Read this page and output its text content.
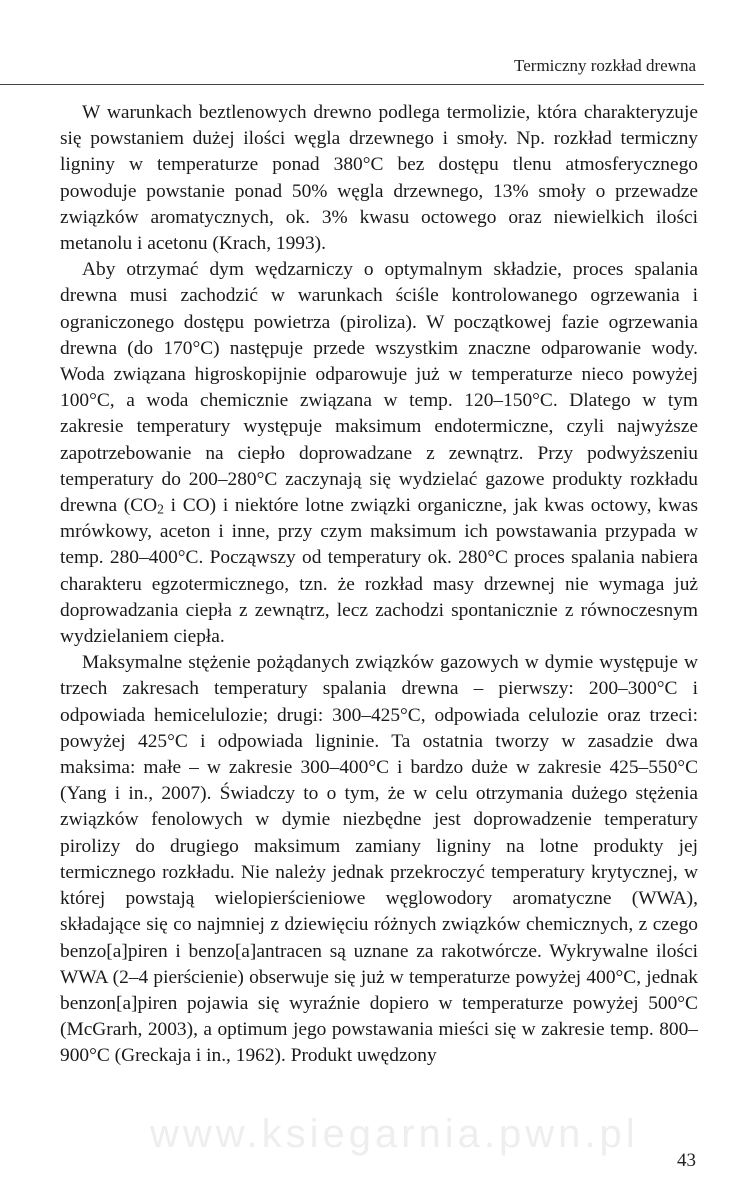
Termiczny rozkład drewna

W warunkach beztlenowych drewno podlega termolizie, która charakteryzuje się powstaniem dużej ilości węgla drzewnego i smoły. Np. rozkład termiczny ligniny w temperaturze ponad 380°C bez dostępu tlenu atmosferycznego powoduje powstanie ponad 50% węgla drzewnego, 13% smoły o przewadze związków aromatycznych, ok. 3% kwasu octowego oraz niewielkich ilości metanolu i acetonu (Krach, 1993).

Aby otrzymać dym wędzarniczy o optymalnym składzie, proces spalania drewna musi zachodzić w warunkach ściśle kontrolowanego ogrzewania i ograniczonego dostępu powietrza (piroliza). W początkowej fazie ogrzewania drewna (do 170°C) następuje przede wszystkim znaczne odparowanie wody. Woda związana higroskopijnie odparowuje już w temperaturze nieco powyżej 100°C, a woda chemicznie związana w temp. 120–150°C. Dlatego w tym zakresie temperatury występuje maksimum endotermiczne, czyli najwyższe zapotrzebowanie na ciepło doprowadzane z zewnątrz. Przy podwyższeniu temperatury do 200–280°C zaczynają się wydzielać gazowe produkty rozkładu drewna ($CO_2$ i CO) i niektóre lotne związki organiczne, jak kwas octowy, kwas mrówkowy, aceton i inne, przy czym maksimum ich powstawania przypada w temp. 280–400°C. Począwszy od temperatury ok. 280°C proces spalania nabiera charakteru egzotermicznego, tzn. że rozkład masy drzewnej nie wymaga już doprowadzania ciepła z zewnątrz, lecz zachodzi spontanicznie z równoczesnym wydzielaniem ciepła.

Maksymalne stężenie pożądanych związków gazowych w dymie występuje w trzech zakresach temperatury spalania drewna – pierwszy: 200–300°C i odpowiada hemicelulozie; drugi: 300–425°C, odpowiada celulozie oraz trzeci: powyżej 425°C i odpowiada ligninie. Ta ostatnia tworzy w zasadzie dwa maksima: małe – w zakresie 300–400°C i bardzo duże w zakresie 425–550°C (Yang i in., 2007). Świadczy to o tym, że w celu otrzymania dużego stężenia związków fenolowych w dymie niezbędne jest doprowadzenie temperatury pirolizy do drugiego maksimum zamiany ligniny na lotne produkty jej termicznego rozkładu. Nie należy jednak przekroczyć temperatury krytycznej, w której powstają wielopierścieniowe węglowodory aromatyczne (WWA), składające się co najmniej z dziewięciu różnych związków chemicznych, z czego benzo[a]piren i benzo[a]antracen są uznane za rakotwórcze. Wykrywalne ilości WWA (2–4 pierścienie) obserwuje się już w temperaturze powyżej 400°C, jednak benzon[a]piren pojawia się wyraźnie dopiero w temperaturze powyżej 500°C (McGrarh, 2003), a optimum jego powstawania mieści się w zakresie temp. 800–900°C (Greckaja i in., 1962). Produkt uwędzony

www.ksiegarnia.pwn.pl
43
